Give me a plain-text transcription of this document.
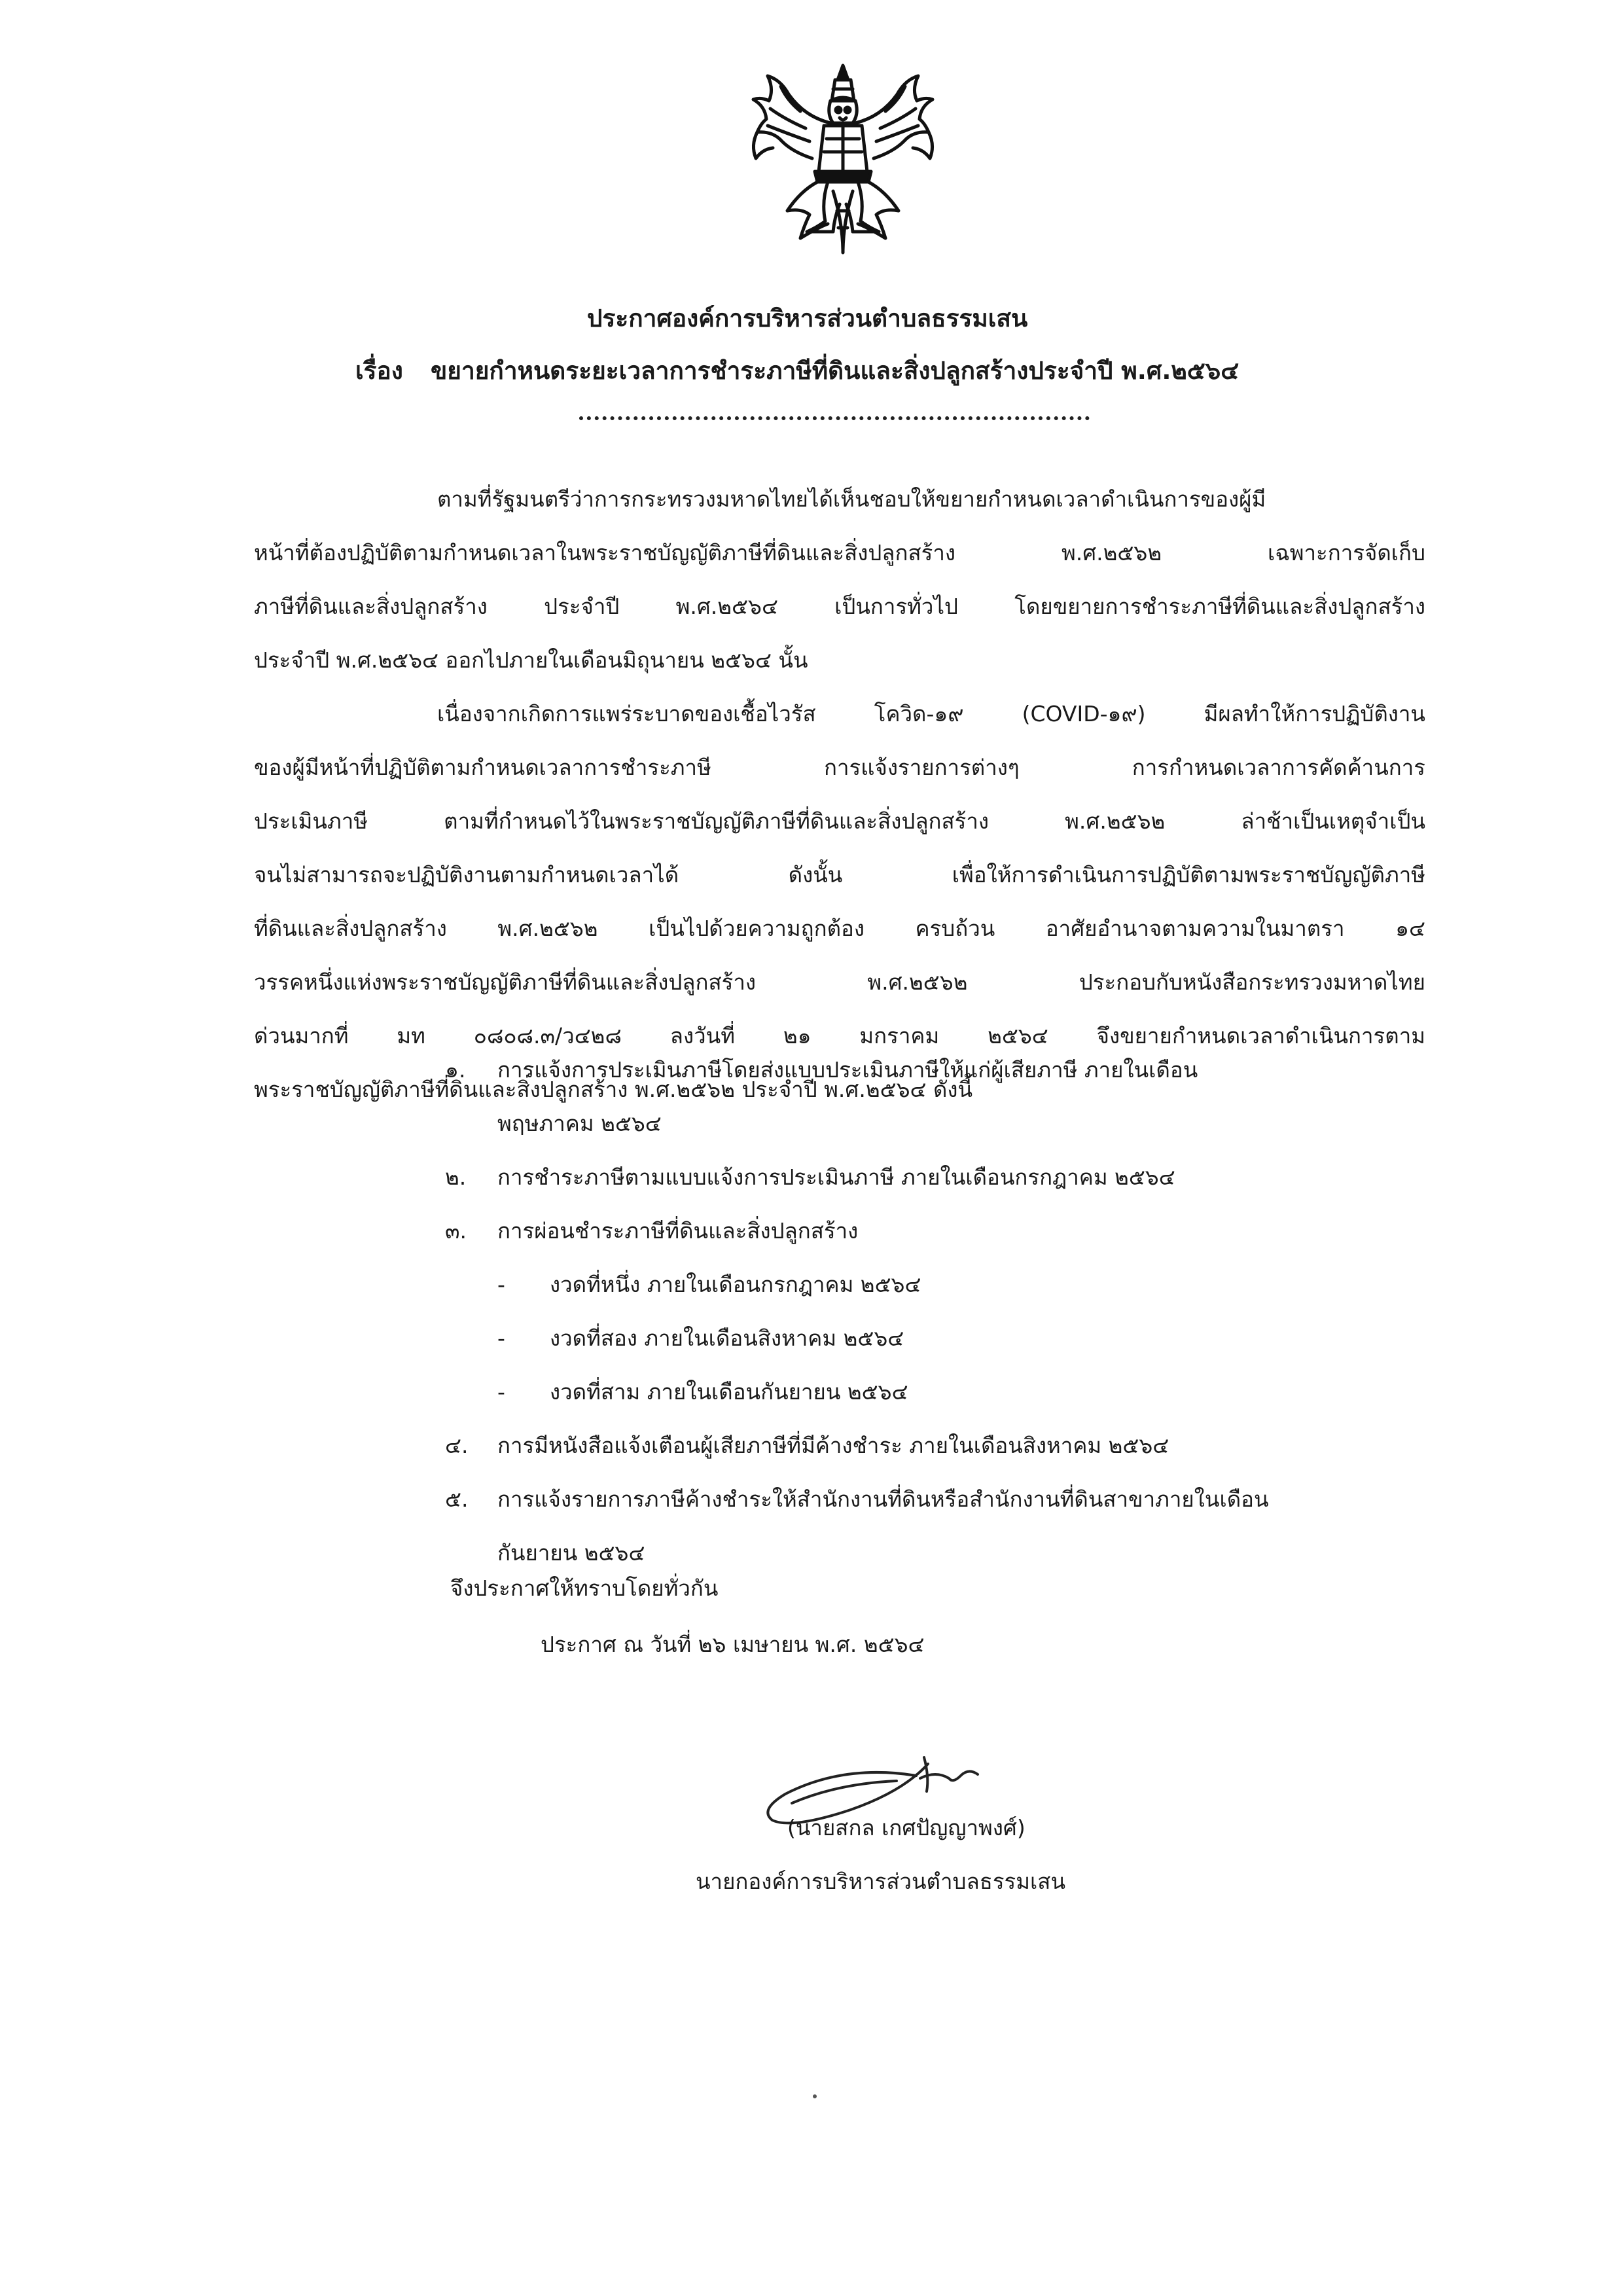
ประกาศองค์การบริหารส่วนตำบลธรรมเสน
เรื่อง ขยายกำหนดระยะเวลาการชำระภาษีที่ดินและสิ่งปลูกสร้างประจำปี พ.ศ.๒๕๖๔
ตามที่รัฐมนตรีว่าการกระทรวงมหาดไทยได้เห็นชอบให้ขยายกำหนดเวลาดำเนินการของผู้มี
หน้าที่ต้องปฏิบัติตามกำหนดเวลาในพระราชบัญญัติภาษีที่ดินและสิ่งปลูกสร้าง พ.ศ.๒๕๖๒ เฉพาะการจัดเก็บ
ภาษีที่ดินและสิ่งปลูกสร้าง ประจำปี พ.ศ.๒๕๖๔ เป็นการทั่วไป โดยขยายการชำระภาษีที่ดินและสิ่งปลูกสร้าง
ประจำปี พ.ศ.๒๕๖๔ ออกไปภายในเดือนมิถุนายน ๒๕๖๔ นั้น
เนื่องจากเกิดการแพร่ระบาดของเชื้อไวรัส โควิด-๑๙ (COVID-๑๙) มีผลทำให้การปฏิบัติงาน
ของผู้มีหน้าที่ปฏิบัติตามกำหนดเวลาการชำระภาษี การแจ้งรายการต่างๆ การกำหนดเวลาการคัดค้านการ
ประเมินภาษี ตามที่กำหนดไว้ในพระราชบัญญัติภาษีที่ดินและสิ่งปลูกสร้าง พ.ศ.๒๕๖๒ ล่าช้าเป็นเหตุจำเป็น
จนไม่สามารถจะปฏิบัติงานตามกำหนดเวลาได้ ดังนั้น เพื่อให้การดำเนินการปฏิบัติตามพระราชบัญญัติภาษี
ที่ดินและสิ่งปลูกสร้าง พ.ศ.๒๕๖๒ เป็นไปด้วยความถูกต้อง ครบถ้วน อาศัยอำนาจตามความในมาตรา ๑๔
วรรคหนึ่งแห่งพระราชบัญญัติภาษีที่ดินและสิ่งปลูกสร้าง พ.ศ.๒๕๖๒ ประกอบกับหนังสือกระทรวงมหาดไทย
ด่วนมากที่ มท ๐๘๐๘.๓/ว๔๒๘ ลงวันที่ ๒๑ มกราคม ๒๕๖๔ จึงขยายกำหนดเวลาดำเนินการตาม
พระราชบัญญัติภาษีที่ดินและสิ่งปลูกสร้าง พ.ศ.๒๕๖๒ ประจำปี พ.ศ.๒๕๖๔ ดังนี้
๑. การแจ้งการประเมินภาษีโดยส่งแบบประเมินภาษีให้แก่ผู้เสียภาษี ภายในเดือน
พฤษภาคม ๒๕๖๔
๒. การชำระภาษีตามแบบแจ้งการประเมินภาษี ภายในเดือนกรกฎาคม ๒๕๖๔
๓. การผ่อนชำระภาษีที่ดินและสิ่งปลูกสร้าง
- งวดที่หนึ่ง ภายในเดือนกรกฎาคม ๒๕๖๔
- งวดที่สอง ภายในเดือนสิงหาคม ๒๕๖๔
- งวดที่สาม ภายในเดือนกันยายน ๒๕๖๔
๔. การมีหนังสือแจ้งเตือนผู้เสียภาษีที่มีค้างชำระ ภายในเดือนสิงหาคม ๒๕๖๔
๕. การแจ้งรายการภาษีค้างชำระให้สำนักงานที่ดินหรือสำนักงานที่ดินสาขาภายในเดือน
กันยายน ๒๕๖๔
จึงประกาศให้ทราบโดยทั่วกัน
ประกาศ ณ วันที่ ๒๖ เมษายน พ.ศ. ๒๕๖๔
(นายสกล เกศปัญญาพงศ์)
นายกองค์การบริหารส่วนตำบลธรรมเสน
